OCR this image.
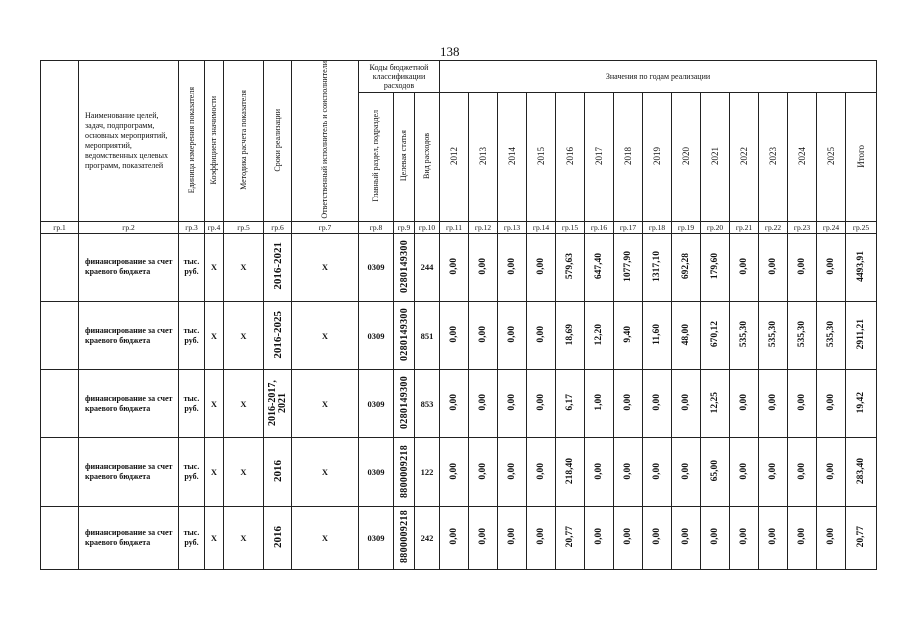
138
	Наименование целей, задач, подпрограмм, основных мероприятий, мероприятий, ведомственных целевых программ, показателей	Единица измерения показателя	Коэффициент значимости	Методика расчета показателя	Сроки реализации	Ответственный исполнитель и соисполнители	Коды бюджетной классификации расходов			Значения по годам реализации														
							Главный раздел, подраздел	Целевая статья	Вид расходов	2012	2013	2014	2015	2016	2017	2018	2019	2020	2021	2022	2023	2024	2025	Итого
гр.1	гр.2	гр.3	гр.4	гр.5	гр.6	гр.7	гр.8	гр.9	гр.10	гр.11	гр.12	гр.13	гр.14	гр.15	гр.16	гр.17	гр.18	гр.19	гр.20	гр.21	гр.22	гр.23	гр.24	гр.25
	финансирование за счет краевого бюджета	тыс. руб.	Х	Х	2016-2021	Х	0309	0280149300	244	0,00	0,00	0,00	0,00	579,63	647,40	1077,90	1317,10	692,28	179,60	0,00	0,00	0,00	0,00	4493,91
	финансирование за счет краевого бюджета	тыс. руб.	Х	Х	2016-2025	Х	0309	0280149300	851	0,00	0,00	0,00	0,00	18,69	12,20	9,40	11,60	48,00	670,12	535,30	535,30	535,30	535,30	2911,21
	финансирование за счет краевого бюджета	тыс. руб.	Х	Х	2016-2017, 2021	Х	0309	0280149300	853	0,00	0,00	0,00	0,00	6,17	1,00	0,00	0,00	0,00	12,25	0,00	0,00	0,00	0,00	19,42
	финансирование за счет краевого бюджета	тыс. руб.	Х	Х	2016	Х	0309	8800009218	122	0,00	0,00	0,00	0,00	218,40	0,00	0,00	0,00	0,00	65,00	0,00	0,00	0,00	0,00	283,40
	финансирование за счет краевого бюджета	тыс. руб.	Х	Х	2016	Х	0309	8800009218	242	0,00	0,00	0,00	0,00	20,77	0,00	0,00	0,00	0,00	0,00	0,00	0,00	0,00	0,00	20,77
